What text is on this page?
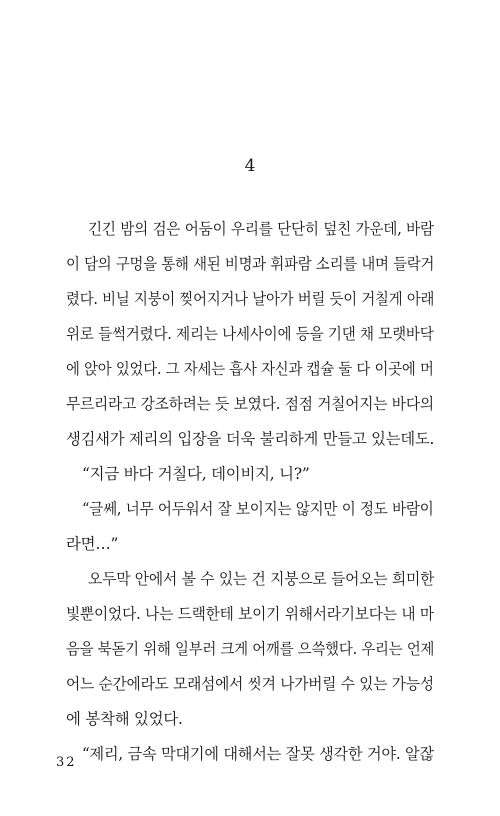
4
긴긴 밤의 검은 어둠이 우리를 단단히 덮친 가운데, 바람
이 담의 구멍을 통해 새된 비명과 휘파람 소리를 내며 들락거
렸다. 비닐 지붕이 찢어지거나 날아가 버릴 듯이 거칠게 아래
위로 들썩거렸다. 제리는 나세사이에 등을 기댄 채 모랫바닥
에 앉아 있었다. 그 자세는 흡사 자신과 캡슐 둘 다 이곳에 머
무르리라고 강조하려는 듯 보였다. 점점 거칠어지는 바다의
생김새가 제리의 입장을 더욱 불리하게 만들고 있는데도.
“지금 바다 거칠다, 데이비지, 니?”
“글쎄, 너무 어두워서 잘 보이지는 않지만 이 정도 바람이
라면…”
오두막 안에서 볼 수 있는 건 지붕으로 들어오는 희미한
빛뿐이었다. 나는 드랙한테 보이기 위해서라기보다는 내 마
음을 북돋기 위해 일부러 크게 어깨를 으쓱했다. 우리는 언제
어느 순간에라도 모래섬에서 씻겨 나가버릴 수 있는 가능성
에 봉착해 있었다.
“제리, 금속 막대기에 대해서는 잘못 생각한 거야. 알잖
32
